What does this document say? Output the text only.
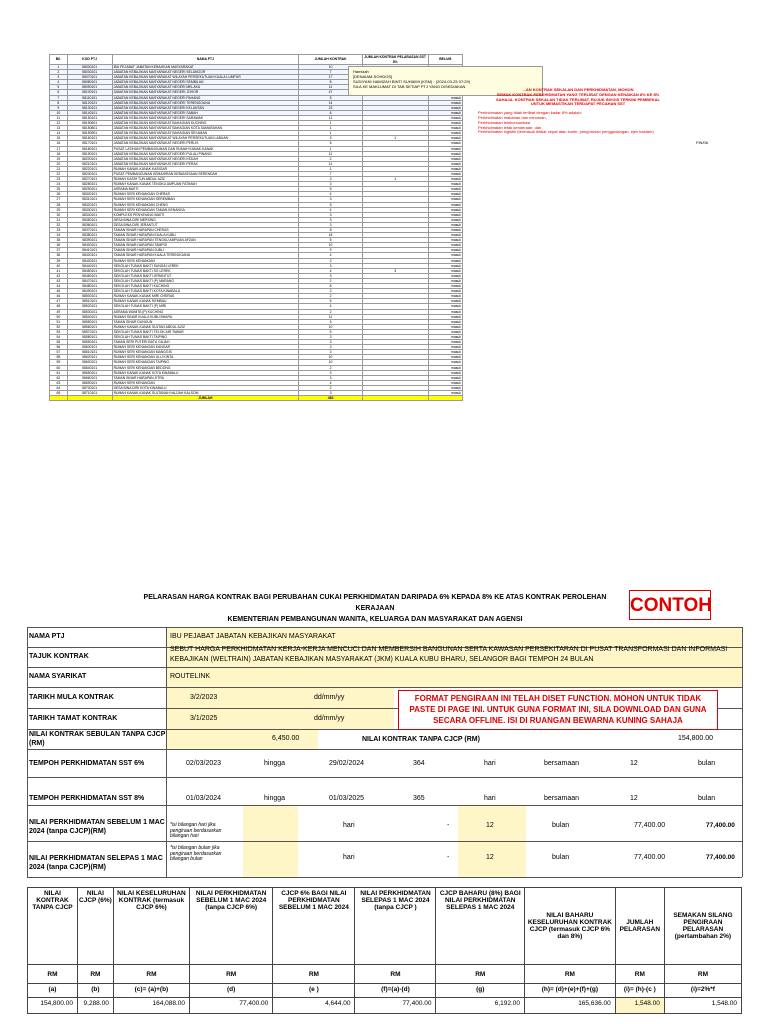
Bil.	KOD PTJ	NAMA PTJ	JUMLAH KONTRAK	JUMLAH KONTRAK PELARASAN SST 8%	BELUM
1	58000101	IBU PEJABAT JABATAN KEBAJIKAN MASYARAKAT	10		
2	58030101	JABATAN KEBAJIKAN MASYARAKAT NEGERI SELANGOR	7		
3	58070101	JABATAN KEBAJIKAN MASYARAKAT WILAYAH PERSEKUTUAN KUALA LUMPUR	17		
4	58080101	JABATAN KEBAJIKAN MASYARAKAT NEGERI SEMBILAN	8		
5	58090101	JABATAN KEBAJIKAN MASYARAKAT NEGERI MELAKA	11		
6	58100101	JABATAN KEBAJIKAN MASYARAKAT NEGERI JOHOR	47		
7	58110101	JABATAN KEBAJIKAN MASYARAKAT NEGERI PAHANG	5		masuk
8	58120101	JABATAN KEBAJIKAN MASYARAKAT NEGERI TERENGGANU	14		masuk
9	58130101	JABATAN KEBAJIKAN MASYARAKAT NEGERI KELANTAN	23		masuk
10	58140101	JABATAN KEBAJIKAN MASYARAKAT NEGERI SABAH	6		masuk
11	58150101	JABATAN KEBAJIKAN MASYARAKAT NEGERI SARAWAK	11		masuk
12	58150601	JABATAN KEBAJIKAN MASYARAKAT BAHAGIAN KUCHING	1		masuk
13	58150801	JABATAN KEBAJIKAN MASYARAKAT BAHAGIAN KOTA SAMARAHAN	1		masuk
14	58150901	JABATAN KEBAJIKAN MASYARAKAT BAHAGIAN SRI AMAN	1		masuk
15	58160101	JABATAN KEBAJIKAN MASYARAKAT WILAYAH PERSEKUTUAN LABUAN	3	1	masuk
16	58170101	JABATAN KEBAJIKAN MASYARAKAT NEGERI PERLIS	5		masuk
17	58180101	PUSAT LATIHAN PEMBANGUNAN DAN RUMAH KANAK-KANAK	1		masuk
18	58190101	JABATAN KEBAJIKAN MASYARAKAT NEGERI PULAU PINANG	11		masuk
19	58200101	JABATAN KEBAJIKAN MASYARAKAT NEGERI KEDAH	2		masuk
20	58210101	JABATAN KEBAJIKAN MASYARAKAT NEGERI PERAK	11		masuk
21	58220101	RUMAH KANAK-KANAK KASIGAR	1		masuk
22	58230101	PUSAT PEMBANGUNAN KEMAHIRAN KEBANGSAAN SERENDAH	7		masuk
23	58270101	RUMAH KASIH TUN ABDUL AZIZ	3	1	masuk
24	58280101	RUMAH KANAK-KANAK TENGKU AMPUAN FATIMAH	3		masuk
25	58290101	ASRAMA BAKTI	5		masuk
26	58300101	RUMAH SERI KENANGAN CHERAS	4		masuk
27	58310101	RUMAH SERI KENANGAN SEREMBAN	3		masuk
28	58320101	RUMAH SERI KENANGAN CHENG	5		masuk
29	58330101	RUMAH SERI KENANGAN TAMAN KENANGA	4		masuk
30	58340101	KOMPLEKS PENYAYANG BAKTI	3		masuk
31	58350101	DESA BINA DIRI MERSING	3		masuk
32	58360101	DESA BINA DIRI JERANTUT	3		masuk
33	58370101	TAMAN SINAR HARAPAN CHERAS	8		masuk
34	58380101	TAMAN SINAR HARAPAN KUALA KUBU	18		masuk
35	58390101	TAMAN SINAR HARAPAN TENGKU AMPUAN AFZAN	5		masuk
36	58400101	TAMAN SINAR HARAPAN TAMPOI	10		masuk
37	58410101	TAMAN SINAR HARAPAN JUBLI	9		masuk
38	58420101	TAMAN SINAR HARAPAN KUALA TERENGGANU	4		masuk
39	58430101	RUMAH SERI KENANGAN	2		masuk
40	58440101	SEKOLAH TUNAS BAKTI SUNGAI LEREK	3		masuk
41	58450101	SEKOLAH TUNAS BAKTI SG LEREK	4	3	masuk
42	58460101	SEKOLAH TUNAS BAKTI JERANTUT	3		masuk
43	58470101	SEKOLAH TUNAS BAKTI (P) MARANG	2		masuk
44	58480101	SEKOLAH TUNAS BAKTI KUCHING	8		masuk
45	58490101	SEKOLAH TUNAS BAKTI KOTA KINABALU	2		masuk
46	58500101	RUMAH KANAK-KANAK MIRI CHERAS	2		masuk
47	58510101	RUMAH KANAK-KANAK REMBAU	5		masuk
48	58520101	SEKOLAH TUNAS BAKTI (P) MIRI	4		masuk
49	58530101	ASRAMA WANITA (P) KUCHING	2		masuk
50	58540101	RUMAH SINAR KUALA KUBU BHARU	11		masuk
51	58550101	TAMAN SINAR DUNGUN	5		masuk
52	58560101	RUMAH KANAK-KANAK SULTAN ABDUL AZIZ	10		masuk
53	58570101	SEKOLAH TUNAS BAKTI TELOK AIR TAWAR	5		masuk
54	58580101	SEKOLAH TUNAS BAKTI TAIPING	3		masuk
55	58590101	TAMAN SERI PUTERI BATU GAJAH	3		masuk
56	58600101	RUMAH SERI KENANGAN KANGAR	3		masuk
57	58610101	RUMAH SERI KENANGAN MANGGIS	3		masuk
58	58620101	RUMAH SERI KENANGAN ULU KINTA	10		masuk
59	58630101	RUMAH SERI KENANGAN TAIPING	10		masuk
60	58640101	RUMAH SERI KENANGAN BEDONG	2		masuk
61	58650101	RUMAH KANAK-KANAK KOTA KINABALU	3		masuk
62	58660101	TAMAN SINAR HARAPAN JITRA	3		masuk
63	58690101	RUMAH SERI KENANGAN	4		masuk
64	58700101	DESA BINA DIRI KOTA KINABALU	2		masuk
65	58710101	RUMAH KANAK-KANAK SULTANAH HAJJAH KALSOM	3		masuk
		JUMLAH	483		
Hamizah
[DENAIAM-SOHDOS]
SUDIYANI HAMIZAH BINTI SUHAIMI (KSM) · (2024-03-25 07:29)
SILA KE MAKLUMAT DI TAB SETIAP PTJ YANG DISEDIAKAN
...AN KONTRAK SEKALAN DAN PERKHIDMATAN, MOHON
SEMAK KONTRAK PERKHIDMATAN YANG TERLIBAT DENGAN KENAIKAN 8% KE 8%
SAHAJA. KONTRAK SEKALAN TIDAK TERLIBAT, RUJUK INVOIS TERKINI PEMBEKAL
UNTUK MEMASTIKAN TERDAPAT PECAHAN SST
Perkhidmatan yang tidak terlibat dengan kadar 8% adalah:
Perkhidmatan makanan dan minuman,
Perkhidmatan telekomunikasi
Perkhidmatan letak kenderaan; dan
Perkhidmatan logistik (termasuk ikhtiar cepat atau kurier, pengurusan penggudangan, ejen kastam)
FIN/06
PELARASAN HARGA KONTRAK BAGI PERUBAHAN CUKAI PERKHIDMATAN DARIPADA 6% KEPADA 8% KE ATAS KONTRAK PEROLEHAN KERAJAAN
KEMENTERIAN PEMBANGUNAN WANITA, KELUARGA DAN MASYARAKAT DAN AGENSI
CONTOH
NAMA PTJ	IBU PEJABAT JABATAN KEBAJIKAN MASYARAKAT
TAJUK KONTRAK
SEBUT HARGA PERKHIDMATAN KERJA-KERJA MENCUCI DAN MEMBERSIH BANGUNAN SERTA KAWASAN PERSEKITARAN DI PUSAT TRANSFORMASI DAN INFORMASI
KEBAJIKAN (WELTRAIN) JABATAN KEBAJIKAN MASYARAKAT (JKM) KUALA KUBU BHARU, SELANGOR BAGI TEMPOH 24 BULAN
NAMA SYARIKAT	ROUTELINK
TARIKH MULA KONTRAK	3/2/2023	dd/mm/yy
TARIKH TAMAT KONTRAK	3/1/2025	dd/mm/yy
FORMAT PENGIRAAN INI TELAH DISET FUNCTION. MOHON UNTUK TIDAK
PASTE DI PAGE INI. UNTUK GUNA FORMAT INI, SILA DOWNLOAD DAN GUNA
SECARA OFFLINE. ISI DI RUANGAN BEWARNA KUNING SAHAJA
NILAI KONTRAK SEBULAN TANPA CJCP
(RM)
6,450.00	NILAI KONTRAK TANPA CJCP (RM)	154,800.00
TEMPOH PERKHIDMATAN SST 6%	02/03/2023	hingga	29/02/2024	364	hari	bersamaan	12	bulan
TEMPOH PERKHIDMATAN SST 8%	01/03/2024	hingga	01/03/2025	365	hari	bersamaan	12	bulan
NILAI PERKHIDMATAN SEBELUM 1 MAC
2024 (tanpa CJCP)(RM)
*isi bilangan hari jika
pengiraan berdasarkan
bilangan hari
hari	-	12	bulan	77,400.00	77,400.00
NILAI PERKHIDMATAN SELEPAS 1 MAC
2024 (tanpa CJCP)(RM)
*isi bilangan bulan jika
pengiraan berdasarkan
bilangan bulan	hari	-	12	bulan	77,400.00	77,400.00
NILAI KONTRAK TANPA CJCP	NILAI CJCP (6%)	NILAI KESELURUHAN KONTRAK (termasuk CJCP 6%)	NILAI PERKHIDMATAN SEBELUM 1 MAC 2024 (tanpa CJCP 6%)	CJCP 6% BAGI NILAI PERKHIDMATAN SEBELUM 1 MAC 2024	NILAI PERKHIDMATAN SELEPAS 1 MAC 2024 (tanpa CJCP )	CJCP BAHARU (8%) BAGI NILAI PERKHIDMATAN SELEPAS 1 MAC 2024	NILAI BAHARU KESELURUHAN KONTRAK CJCP (termasuk CJCP 6% dan 8%)	JUMLAH PELARASAN	SEMAKAN SILANG PENGIRAAN PELARASAN (pertambahan 2%)
RM	RM	RM	RM	RM	RM	RM	RM	RM	RM
(a)	(b)	(c)= (a)+(b)	(d)	(e )	(f)=(a)-(d)	(g)	(h)= (d)+(e)+(f)+(g)	(i)= (h)-(c )	(i)=2%*f
154,800.00	9,288.00	164,088.00	77,400.00	4,644.00	77,400.00	6,192.00	165,636.00	1,548.00	1,548.00
